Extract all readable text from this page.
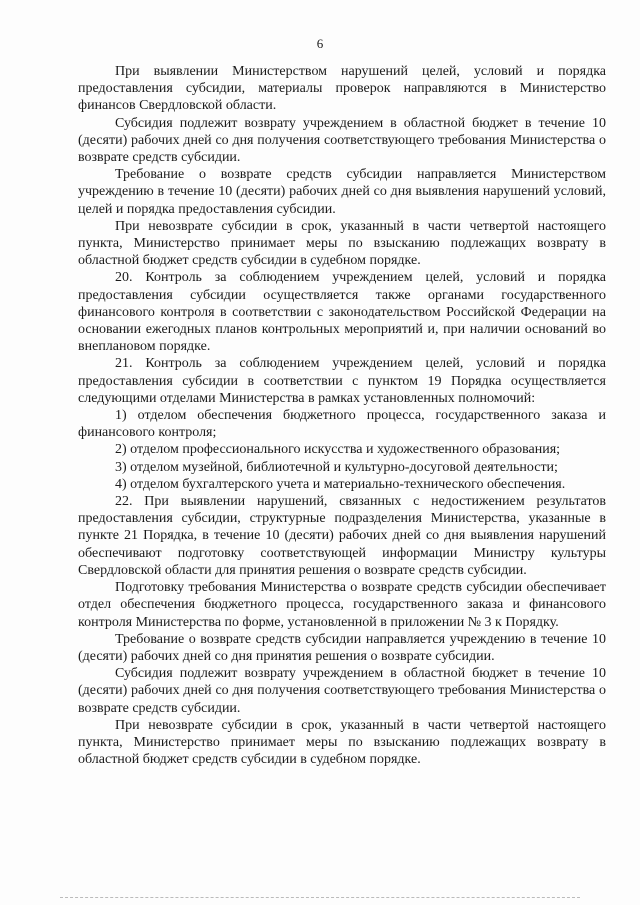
6

При выявлении Министерством нарушений целей, условий и порядка предоставления субсидии, материалы проверок направляются в Министерство финансов Свердловской области.

Субсидия подлежит возврату учреждением в областной бюджет в течение 10 (десяти) рабочих дней со дня получения соответствующего требования Министерства о возврате средств субсидии.

Требование о возврате средств субсидии направляется Министерством учреждению в течение 10 (десяти) рабочих дней со дня выявления нарушений условий, целей и порядка предоставления субсидии.

При невозврате субсидии в срок, указанный в части четвертой настоящего пункта, Министерство принимает меры по взысканию подлежащих возврату в областной бюджет средств субсидии в судебном порядке.

20. Контроль за соблюдением учреждением целей, условий и порядка предоставления субсидии осуществляется также органами государственного финансового контроля в соответствии с законодательством Российской Федерации на основании ежегодных планов контрольных мероприятий и, при наличии оснований во внеплановом порядке.

21. Контроль за соблюдением учреждением целей, условий и порядка предоставления субсидии в соответствии с пунктом 19 Порядка осуществляется следующими отделами Министерства в рамках установленных полномочий:

1) отделом обеспечения бюджетного процесса, государственного заказа и финансового контроля;

2) отделом профессионального искусства и художественного образования;

3) отделом музейной, библиотечной и культурно-досуговой деятельности;

4) отделом бухгалтерского учета и материально-технического обеспечения.

22. При выявлении нарушений, связанных с недостижением результатов предоставления субсидии, структурные подразделения Министерства, указанные в пункте 21 Порядка, в течение 10 (десяти) рабочих дней со дня выявления нарушений обеспечивают подготовку соответствующей информации Министру культуры Свердловской области для принятия решения о возврате средств субсидии.

Подготовку требования Министерства о возврате средств субсидии обеспечивает отдел обеспечения бюджетного процесса, государственного заказа и финансового контроля Министерства по форме, установленной в приложении № 3 к Порядку.

Требование о возврате средств субсидии направляется учреждению в течение 10 (десяти) рабочих дней со дня принятия решения о возврате субсидии.

Субсидия подлежит возврату учреждением в областной бюджет в течение 10 (десяти) рабочих дней со дня получения соответствующего требования Министерства о возврате средств субсидии.

При невозврате субсидии в срок, указанный в части четвертой настоящего пункта, Министерство принимает меры по взысканию подлежащих возврату в областной бюджет средств субсидии в судебном порядке.
